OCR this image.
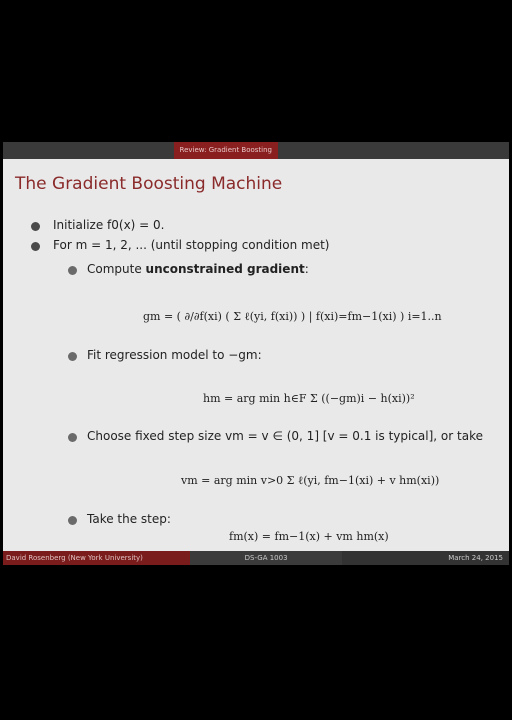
Review: Gradient Boosting
The Gradient Boosting Machine
Initialize f0(x) = 0.
For m = 1, 2, ... (until stopping condition met)
Compute unconstrained gradient:
gm = ( ∂/∂f(xi) ( Σ ℓ(yi, f(xi)) ) | f(xi)=fm−1(xi) ) i=1..n
Fit regression model to −gm:
hm = arg min h∈F Σ ((−gm)i − h(xi))²
Choose fixed step size vm = v ∈ (0, 1] [v = 0.1 is typical], or take
vm = arg min v>0 Σ ℓ(yi, fm−1(xi) + v hm(xi))
Take the step:
fm(x) = fm−1(x) + vm hm(x)
David Rosenberg (New York University)	DS-GA 1003	March 24, 2015
